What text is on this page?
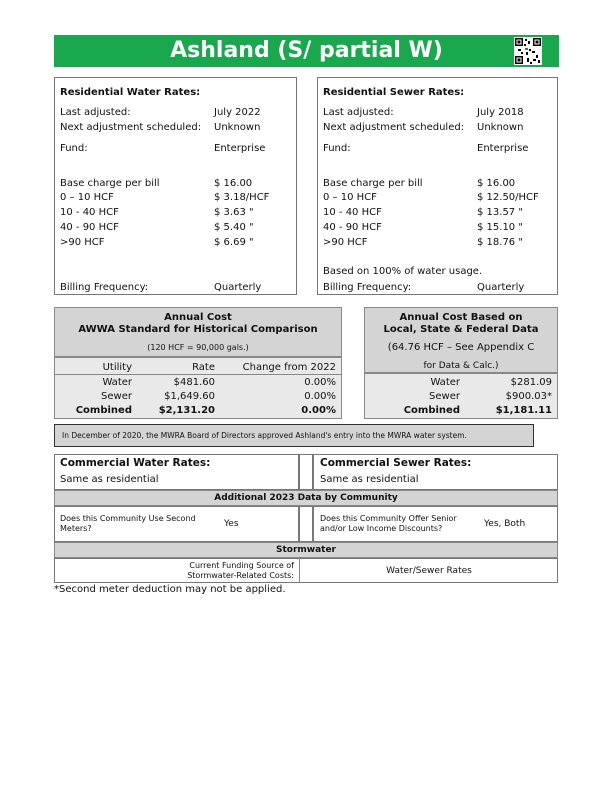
Ashland (S/ partial W)
Residential Water Rates:
Last adjusted:	July 2022
Next adjustment scheduled: Unknown
Fund:	Enterprise
Base charge per bill	$ 16.00
0 – 10 HCF	$ 3.18/HCF
10 - 40 HCF	$ 3.63 "
40 - 90 HCF	$ 5.40 "
>90 HCF	$ 6.69 "
Billing Frequency:	Quarterly
Residential Sewer Rates:
Last adjusted:	July 2018
Next adjustment scheduled: Unknown
Fund:	Enterprise
Base charge per bill	$ 16.00
0 – 10 HCF	$ 12.50/HCF
10 - 40 HCF	$ 13.57 "
40 - 90 HCF	$ 15.10 "
>90 HCF	$ 18.76 "
Based on 100% of water usage.
Billing Frequency:	Quarterly
Annual Cost
AWWA Standard for Historical Comparison
(120 HCF = 90,000 gals.)
Utility	Rate	Change from 2022
Water	$481.60	0.00%
Sewer	$1,649.60	0.00%
Combined	$2,131.20	0.00%
Annual Cost Based on
Local, State & Federal Data
(64.76 HCF – See Appendix C
for Data & Calc.)
Water	$281.09
Sewer	$900.03*
Combined	$1,181.11
In December of 2020, the MWRA Board of Directors approved Ashland's entry into the MWRA water system.
Commercial Water Rates:
Same as residential
Commercial Sewer Rates:
Same as residential
Additional 2023 Data by Community
Does this Community Use Second
Meters?	Yes
Does this Community Offer Senior
and/or Low Income Discounts?	Yes, Both
Stormwater
Current Funding Source of
Stormwater-Related Costs:	Water/Sewer Rates
*Second meter deduction may not be applied.
